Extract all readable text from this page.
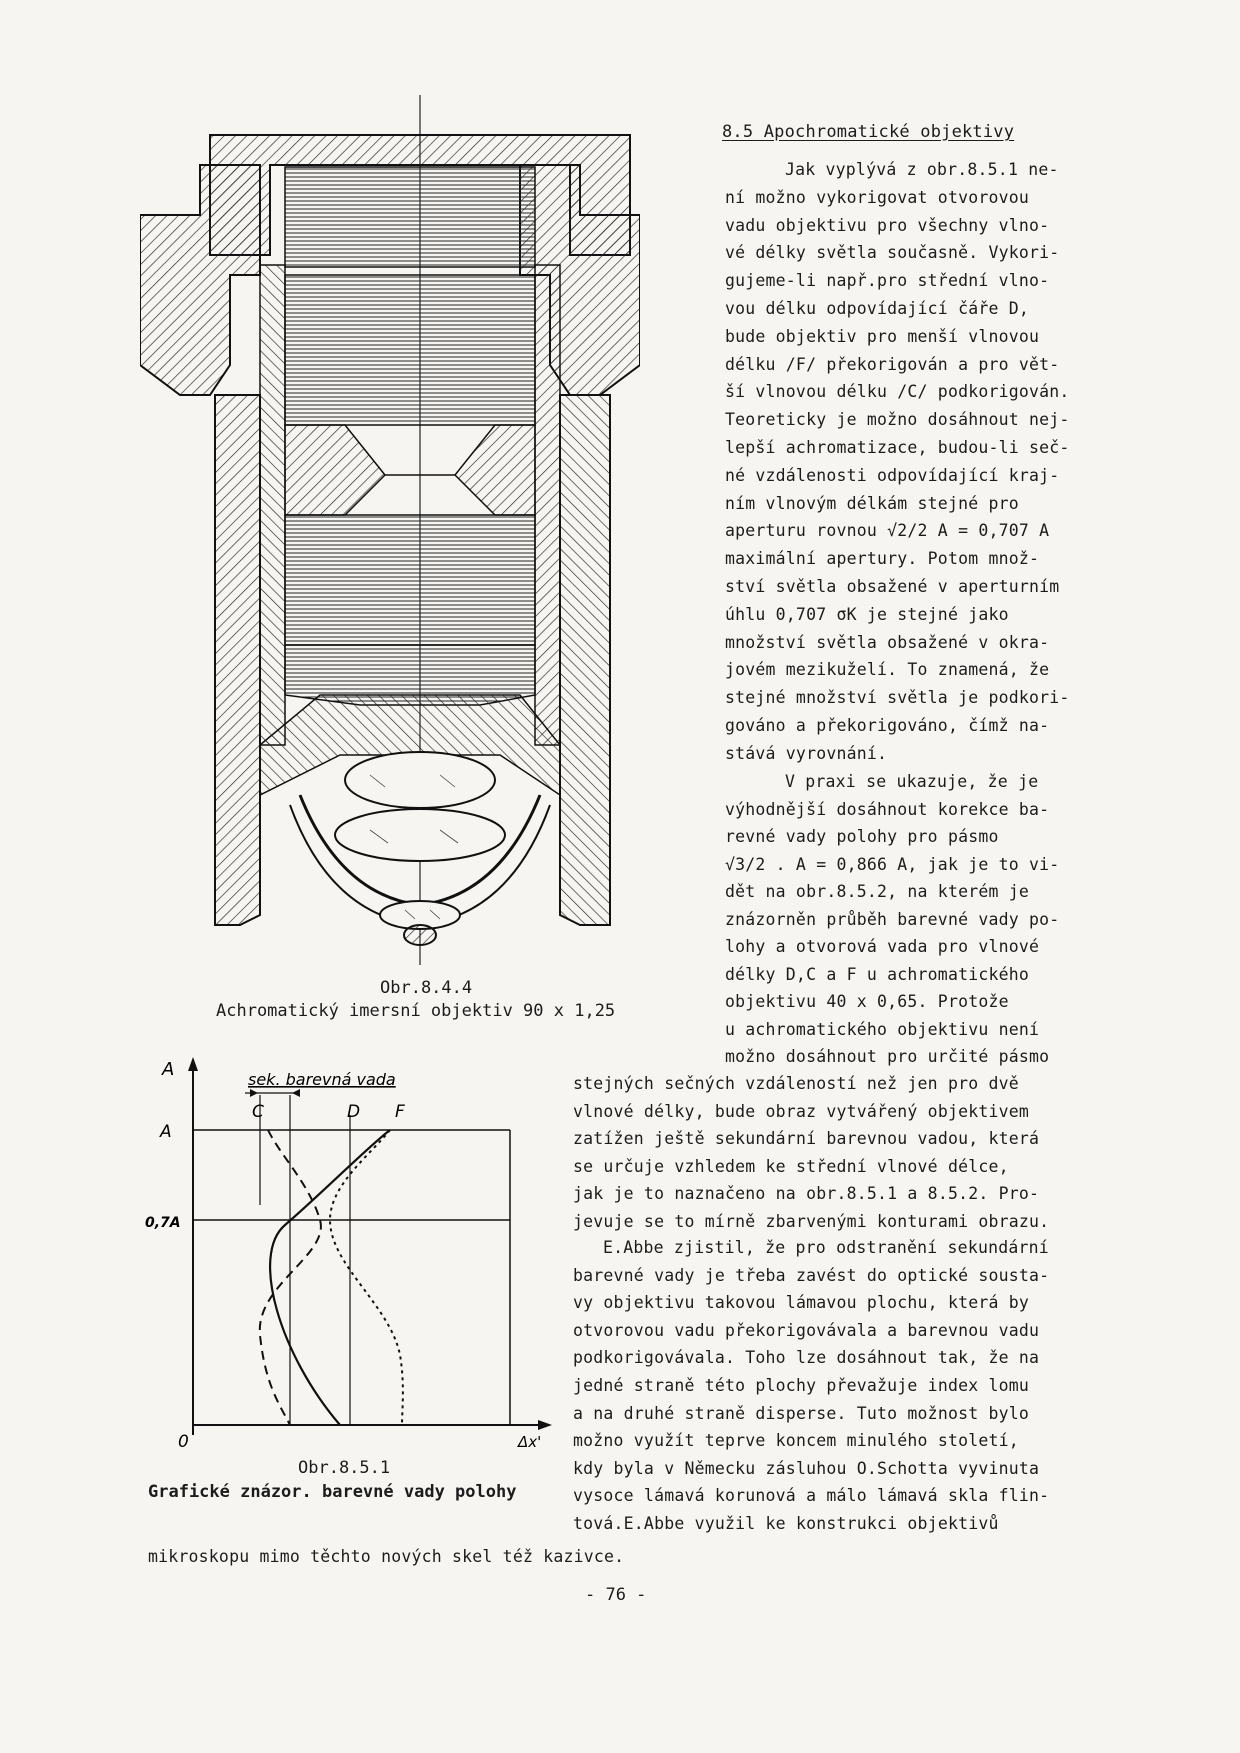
Obr.8.4.4
Achromatický imersní objektiv 90 x 1,25
A
A
0,7A
0	Δx'
sek. barevná vada
C	D F
Obr.8.5.1
Grafické znázor. barevné vady polohy
8.5 Apochromatické objektivy
Jak vyplývá z obr.8.5.1 ne-
ní možno vykorigovat otvorovou
vadu objektivu pro všechny vlno-
vé délky světla současně. Vykori-
gujeme-li např.pro střední vlno-
vou délku odpovídající čáře D,
bude objektiv pro menší vlnovou
délku /F/ překorigován a pro vět-
ší vlnovou délku /C/ podkorigován.
Teoreticky je možno dosáhnout nej-
lepší achromatizace, budou-li seč-
né vzdálenosti odpovídající kraj-
ním vlnovým délkám stejné pro
aperturu rovnou √2/2 A = 0,707 A
maximální apertury. Potom množ-
ství světla obsažené v aperturním
úhlu 0,707 σK je stejné jako
množství světla obsažené v okra-
jovém mezikuželí. To znamená, že
stejné množství světla je podkori-
gováno a překorigováno, čímž na-
stává vyrovnání.
V praxi se ukazuje, že je
výhodnější dosáhnout korekce ba-
revné vady polohy pro pásmo
√3/2 . A = 0,866 A, jak je to vi-
dět na obr.8.5.2, na kterém je
znázorněn průběh barevné vady po-
lohy a otvorová vada pro vlnové
délky D,C a F u achromatického
objektivu 40 x 0,65. Protože
u achromatického objektivu není
možno dosáhnout pro určité pásmo
stejných sečných vzdáleností než jen pro dvě
vlnové délky, bude obraz vytvářený objektivem
zatížen ještě sekundární barevnou vadou, která
se určuje vzhledem ke střední vlnové délce,
jak je to naznačeno na obr.8.5.1 a 8.5.2. Pro-
jevuje se to mírně zbarvenými konturami obrazu.
E.Abbe zjistil, že pro odstranění sekundární
barevné vady je třeba zavést do optické sousta-
vy objektivu takovou lámavou plochu, která by
otvorovou vadu překorigovávala a barevnou vadu
podkorigovávala. Toho lze dosáhnout tak, že na
jedné straně této plochy převažuje index lomu
a na druhé straně disperse. Tuto možnost bylo
možno využít teprve koncem minulého století,
kdy byla v Německu zásluhou O.Schotta vyvinuta
vysoce lámavá korunová a málo lámavá skla flin-
tová.E.Abbe využil ke konstrukci objektivů
mikroskopu mimo těchto nových skel též kazivce.
- 76 -
